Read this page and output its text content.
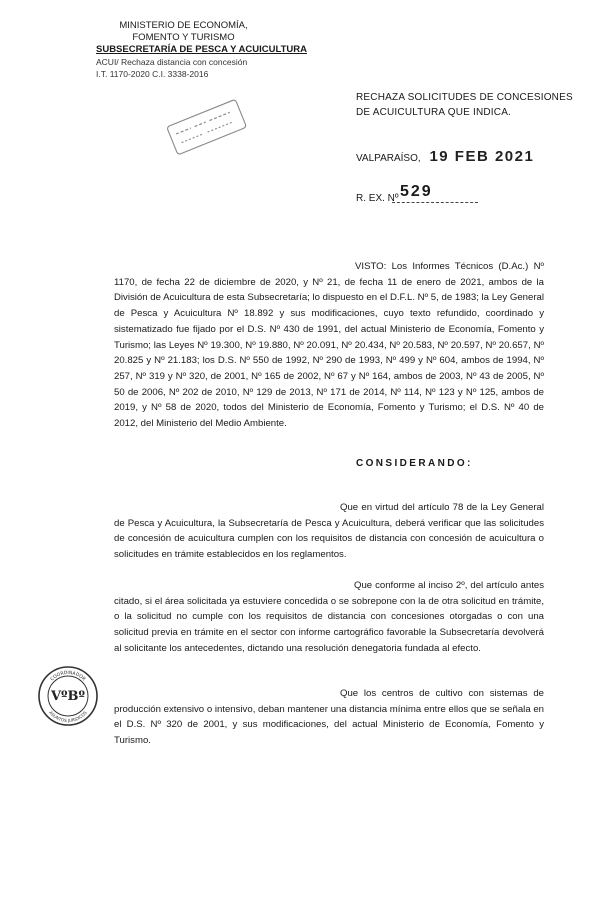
MINISTERIO DE ECONOMÍA,
FOMENTO Y TURISMO
SUBSECRETARÍA DE PESCA Y ACUICULTURA
ACUI/ Rechaza distancia con concesión
I.T. 1170-2020 C.I. 3338-2016
RECHAZA SOLICITUDES DE CONCESIONES
DE ACUICULTURA QUE INDICA.
VALPARAÍSO, 19 FEB 2021
R. EX. Nº 529
VISTO: Los Informes Técnicos (D.Ac.) Nº 1170, de fecha 22 de diciembre de 2020, y Nº 21, de fecha 11 de enero de 2021, ambos de la División de Acuicultura de esta Subsecretaría; lo dispuesto en el D.F.L. Nº 5, de 1983; la Ley General de Pesca y Acuicultura Nº 18.892 y sus modificaciones, cuyo texto refundido, coordinado y sistematizado fue fijado por el D.S. Nº 430 de 1991, del actual Ministerio de Economía, Fomento y Turismo; las Leyes Nº 19.300, Nº 19.880, Nº 20.091, Nº 20.434, Nº 20.583, Nº 20.597, Nº 20.657, Nº 20.825 y Nº 21.183; los D.S. Nº 550 de 1992, Nº 290 de 1993, Nº 499 y Nº 604, ambos de 1994, Nº 257, Nº 319 y Nº 320, de 2001, Nº 165 de 2002, Nº 67 y Nº 164, ambos de 2003, Nº 43 de 2005, Nº 50 de 2006, Nº 202 de 2010, Nº 129 de 2013, Nº 171 de 2014, Nº 114, Nº 123 y Nº 125, ambos de 2019, y Nº 58 de 2020, todos del Ministerio de Economía, Fomento y Turismo; el D.S. Nº 40 de 2012, del Ministerio del Medio Ambiente.
CONSIDERANDO:
Que en virtud del artículo 78 de la Ley General de Pesca y Acuicultura, la Subsecretaría de Pesca y Acuicultura, deberá verificar que las solicitudes de concesión de acuicultura cumplen con los requisitos de distancia con concesión de acuicultura o solicitudes en trámite establecidos en los reglamentos.
Que conforme al inciso 2º, del artículo antes citado, si el área solicitada ya estuviere concedida o se sobrepone con la de otra solicitud en trámite, o la solicitud no cumple con los requisitos de distancia con concesiones otorgadas o con una solicitud previa en trámite en el sector con informe cartográfico favorable la Subsecretaría devolverá al solicitante los antecedentes, dictando una resolución denegatoria fundada al efecto.
Que los centros de cultivo con sistemas de producción extensivo o intensivo, deban mantener una distancia mínima entre ellos que se señala en el D.S. Nº 320 de 2001, y sus modificaciones, del actual Ministerio de Economía, Fomento y Turismo.
VºBº
COORDINADOR
ASUNTOS JURIDICOS
